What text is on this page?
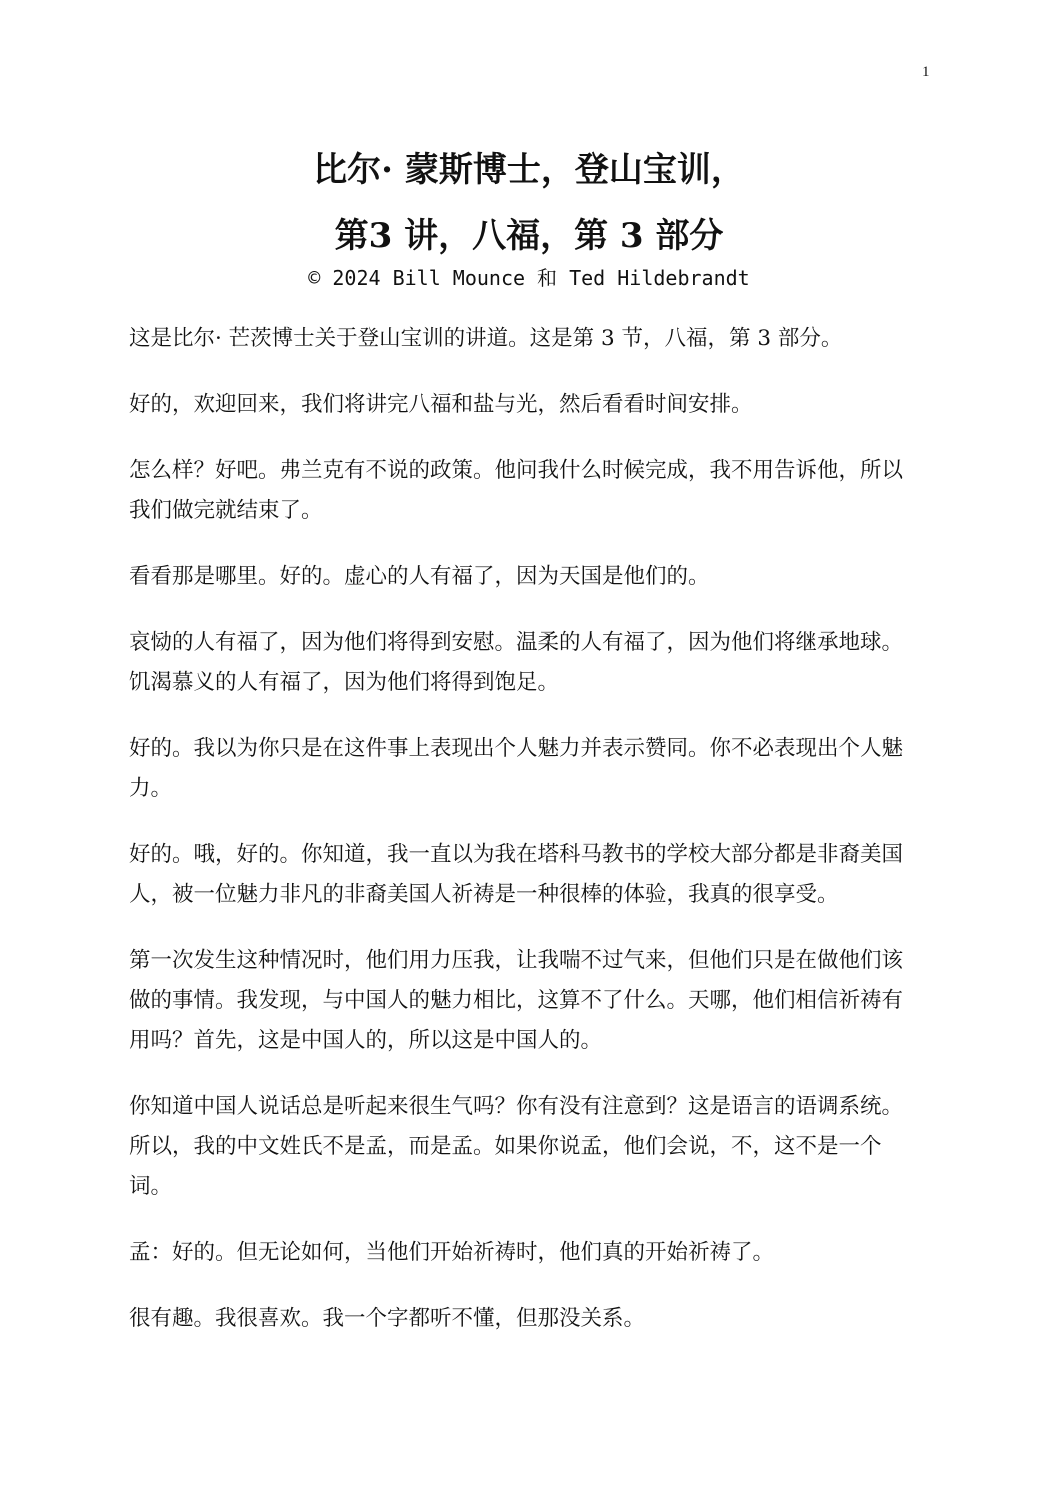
1
比尔· 蒙斯博士，登山宝训，
第3 讲，八福，第 3 部分
© 2024 Bill Mounce 和 Ted Hildebrandt

这是比尔· 芒茨博士关于登山宝训的讲道。这是第 3 节，八福，第 3 部分。

好的，欢迎回来，我们将讲完八福和盐与光，然后看看时间安排。

怎么样？好吧。弗兰克有不说的政策。他问我什么时候完成，我不用告诉他，所以我们做完就结束了。

看看那是哪里。好的。虚心的人有福了，因为天国是他们的。

哀恸的人有福了，因为他们将得到安慰。温柔的人有福了，因为他们将继承地球。饥渴慕义的人有福了，因为他们将得到饱足。

好的。我以为你只是在这件事上表现出个人魅力并表示赞同。你不必表现出个人魅力。

好的。哦，好的。你知道，我一直以为我在塔科马教书的学校大部分都是非裔美国人，被一位魅力非凡的非裔美国人祈祷是一种很棒的体验，我真的很享受。

第一次发生这种情况时，他们用力压我，让我喘不过气来，但他们只是在做他们该做的事情。我发现，与中国人的魅力相比，这算不了什么。天哪，他们相信祈祷有用吗？首先，这是中国人的，所以这是中国人的。

你知道中国人说话总是听起来很生气吗？你有没有注意到？这是语言的语调系统。所以，我的中文姓氏不是孟，而是孟。如果你说孟，他们会说，不，这不是一个词。

孟：好的。但无论如何，当他们开始祈祷时，他们真的开始祈祷了。

很有趣。我很喜欢。我一个字都听不懂，但那没关系。
